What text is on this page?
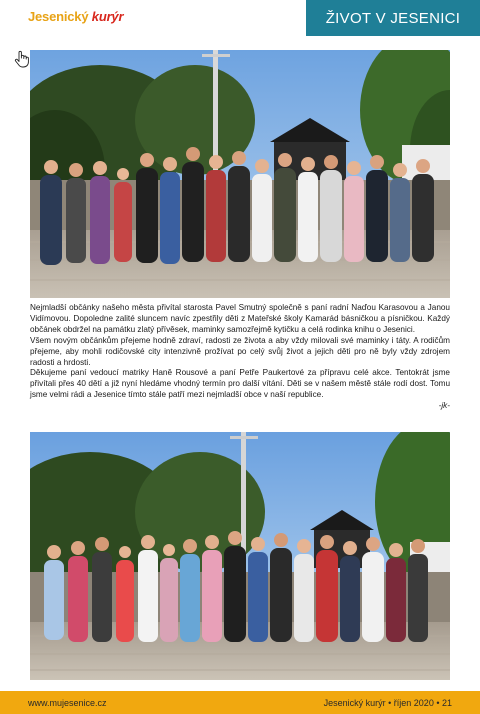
Jesenický kurýr	ŽIVOT V JESENICI

Nejmladší občánky našeho města přivítal starosta Pavel Smutný společně s paní radní Naďou Karasovou a Janou Vidímovou. Dopoledne zalité sluncem navíc zpestřily děti z Mateřské školy Kamarád básničkou a písničkou. Každý občánek obdržel na památku zlatý přívěsek, maminky samozřejmě kytičku a celá rodinka knihu o Jesenici.

Všem novým občánkům přejeme hodně zdraví, radosti ze života a aby vždy milovali své maminky i táty. A rodičům přejeme, aby mohli rodičovské city intenzivně prožívat po celý svůj život a jejich děti pro ně byly vždy zdrojem radosti a hrdosti.

Děkujeme paní vedoucí matriky Haně Rousové a paní Petře Paukertové za přípravu celé akce. Tentokrát jsme přivítali přes 40 dětí a již nyní hledáme vhodný termín pro další vítání. Děti se v našem městě stále rodí dost. Tomu jsme velmi rádi a Jesenice tímto stále patří mezi nejmladší obce v naší republice.

-jk-

www.mujesenice.cz	Jesenický kurýr • říjen 2020 • 21
